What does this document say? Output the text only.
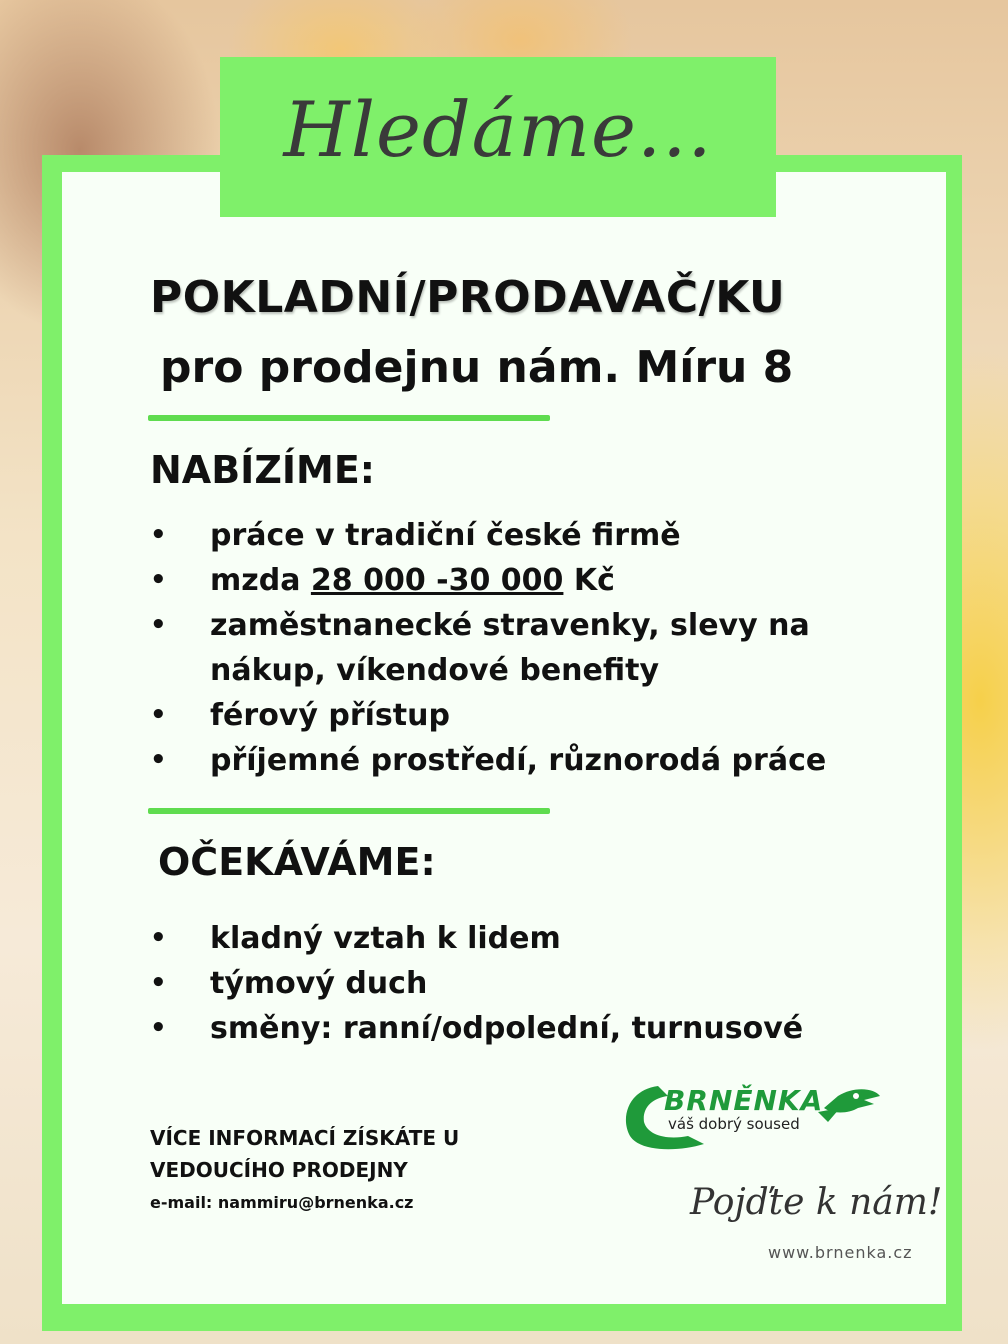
Hledáme...
POKLADNÍ/PRODAVAČ/KU
pro prodejnu nám. Míru 8
NABÍZÍME:
• práce v tradiční české firmě
• mzda 28 000 -30 000 Kč
• zaměstnanecké stravenky, slevy na nákup, víkendové benefity
• férový přístup
• příjemné prostředí, různorodá práce
OČEKÁVÁME:
• kladný vztah k lidem
• týmový duch
• směny: ranní/odpolední, turnusové
VÍCE INFORMACÍ ZÍSKÁTE U
VEDOUCÍHO PRODEJNY
e-mail: nammiru@brnenka.cz
BRNĚNKA
váš dobrý soused
Pojďte k nám!
www.brnenka.cz
